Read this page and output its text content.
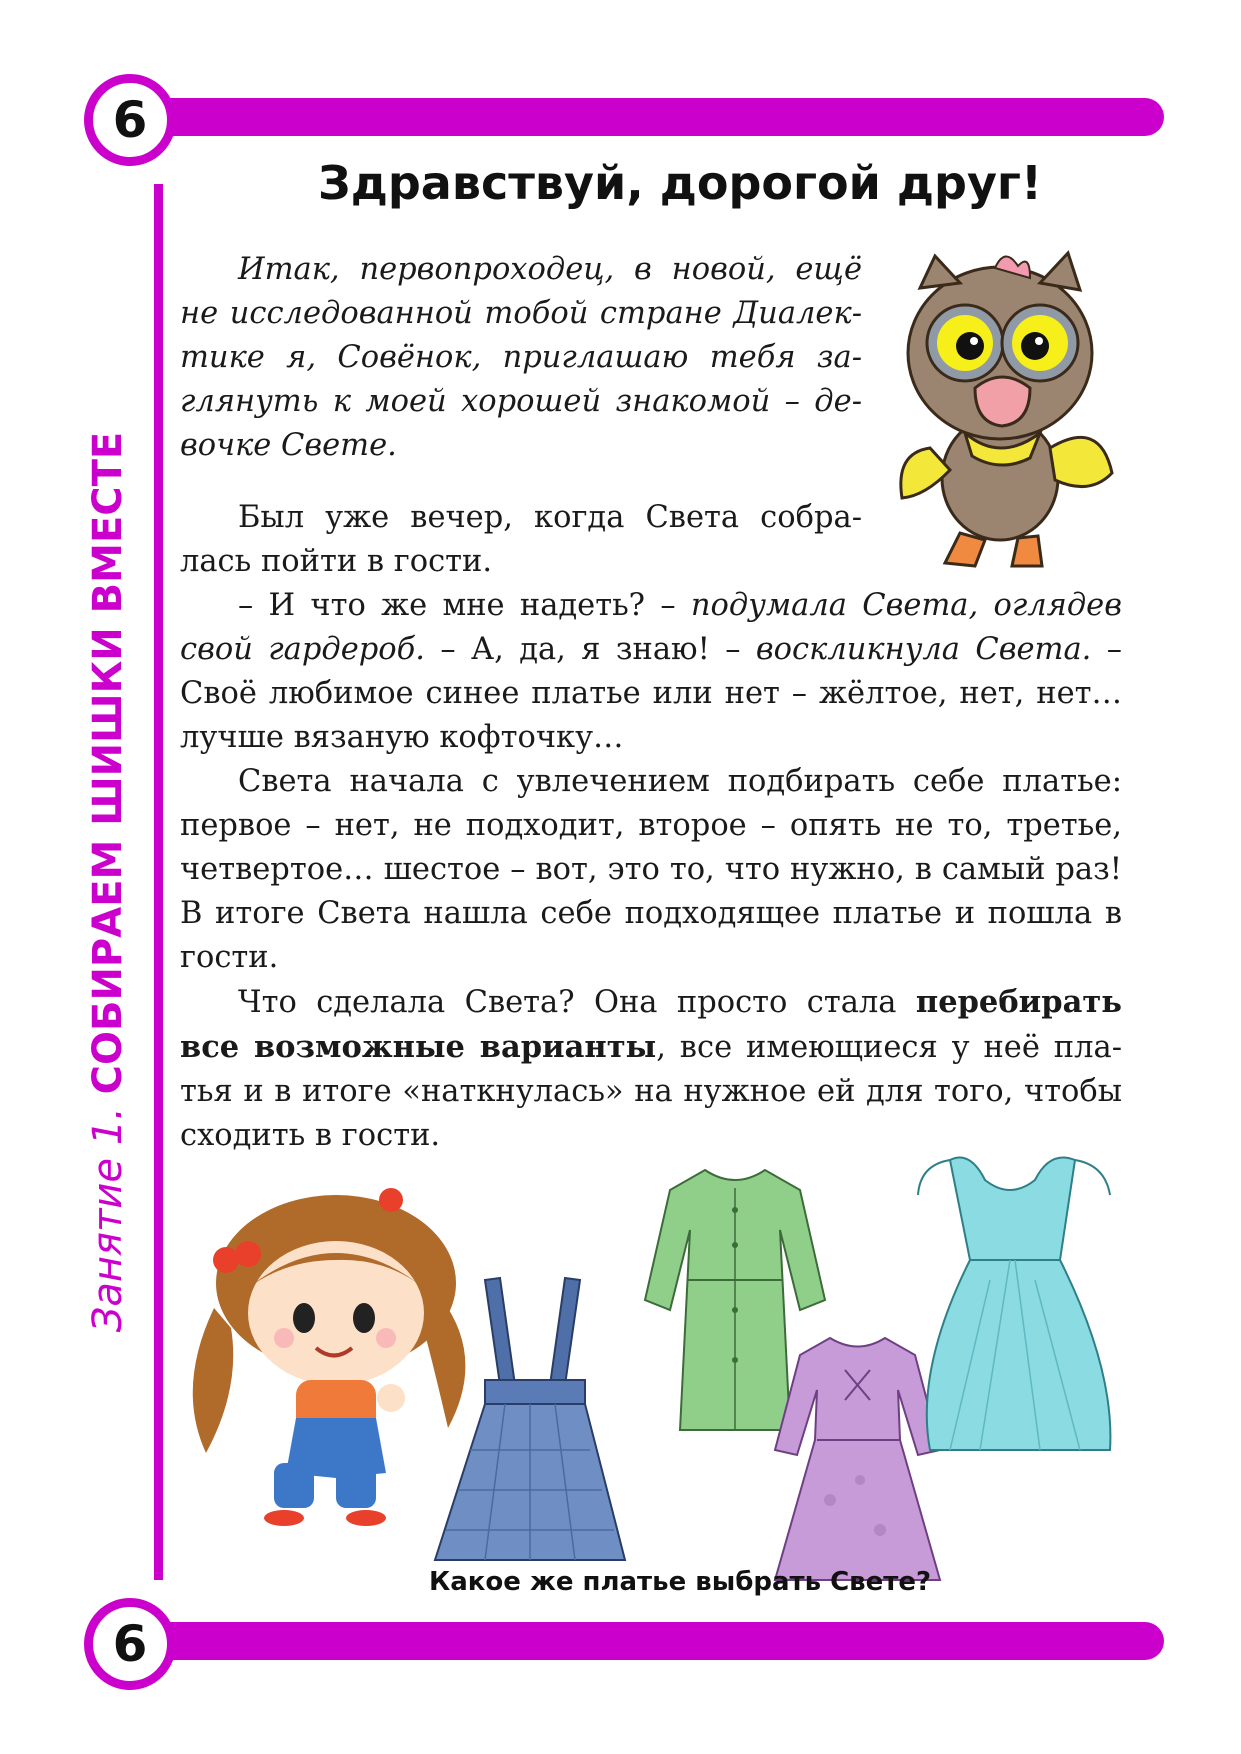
6
Занятие 1. СОБИРАЕМ ШИШКИ ВМЕСТЕ
Здравствуй, дорогой друг!

Итак, первопроходец, в новой, ещё не исследованной тобой стране Диалектике я, Совёнок, приглашаю тебя заглянуть к моей хорошей знакомой – девочке Свете.

Был уже вечер, когда Света собралась пойти в гости.

– И что же мне надеть? – подумала Света, оглядев свой гардероб. – А, да, я знаю! – воскликнула Света. – Своё любимое синее платье или нет – жёлтое, нет, нет… лучше вязаную кофточку…

Света начала с увлечением подбирать себе платье: первое – нет, не подходит, второе – опять не то, третье, четвертое… шестое – вот, это то, что нужно, в самый раз! В итоге Света нашла себе подходящее платье и пошла в гости.

Что сделала Света? Она просто стала перебирать все возможные варианты, все имеющиеся у неё платья и в итоге «наткнулась» на нужное ей для того, чтобы сходить в гости.

Какое же платье выбрать Свете?

6
